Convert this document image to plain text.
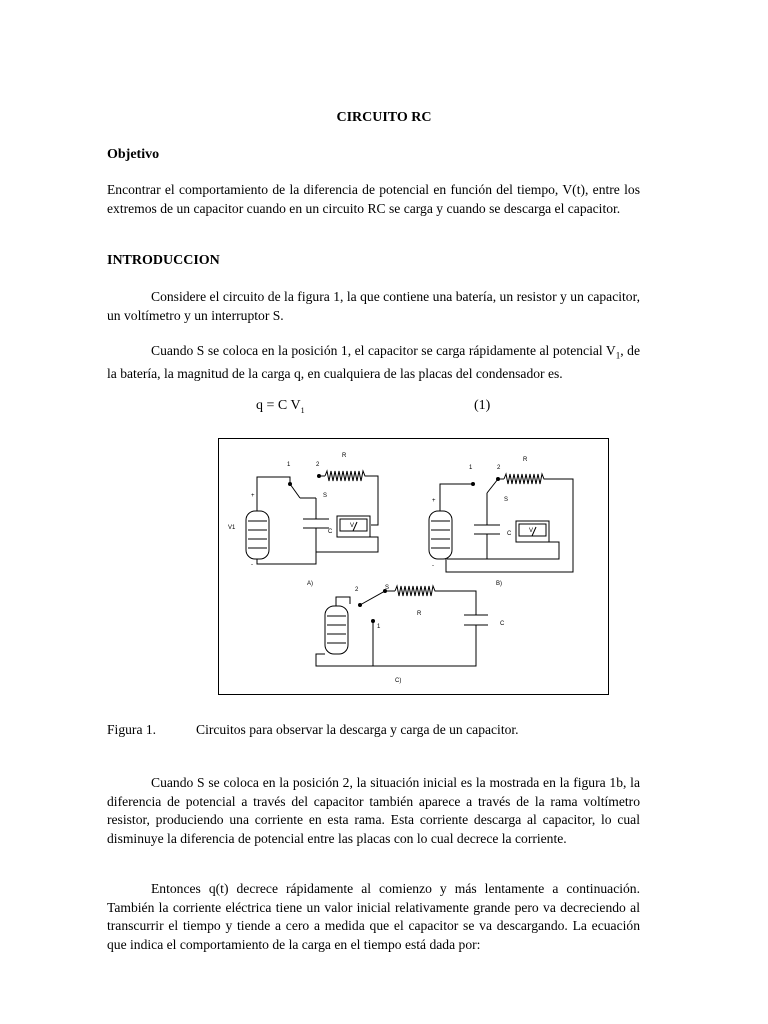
CIRCUITO RC
Objetivo
Encontrar el comportamiento de la diferencia de potencial en función del tiempo, V(t), entre los extremos de un capacitor cuando en un circuito RC se carga y cuando se descarga el capacitor.
INTRODUCCION
Considere el circuito de la figura 1, la que contiene una batería, un resistor y un capacitor, un voltímetro y un interruptor S.
Cuando S se coloca en la posición 1, el capacitor se carga rápidamente al potencial $V_1$, de la batería, la magnitud de la carga q, en cualquiera de las placas del condensador es.
q = C $V_1$	(1)
1	2
R
S
C
+
-
V1	V
A)
1	2
R
S
C
+
-
V
B)
2	S
1
R
C
C)
Figura 1.	Circuitos para observar la descarga y carga de un capacitor.
Cuando S se coloca en la posición 2, la situación inicial es la mostrada en la figura 1b, la diferencia de potencial a través del capacitor también aparece a través de la rama voltímetro resistor, produciendo una corriente en esta rama. Esta corriente descarga al capacitor, lo cual disminuye la diferencia de potencial entre las placas con lo cual decrece la corriente.
Entonces q(t) decrece rápidamente al comienzo y más lentamente a continuación. También la corriente eléctrica tiene un valor inicial relativamente grande pero va decreciendo al transcurrir el tiempo y tiende a cero a medida que el capacitor se va descargando. La ecuación que indica el comportamiento de la carga en el tiempo está dada por:
